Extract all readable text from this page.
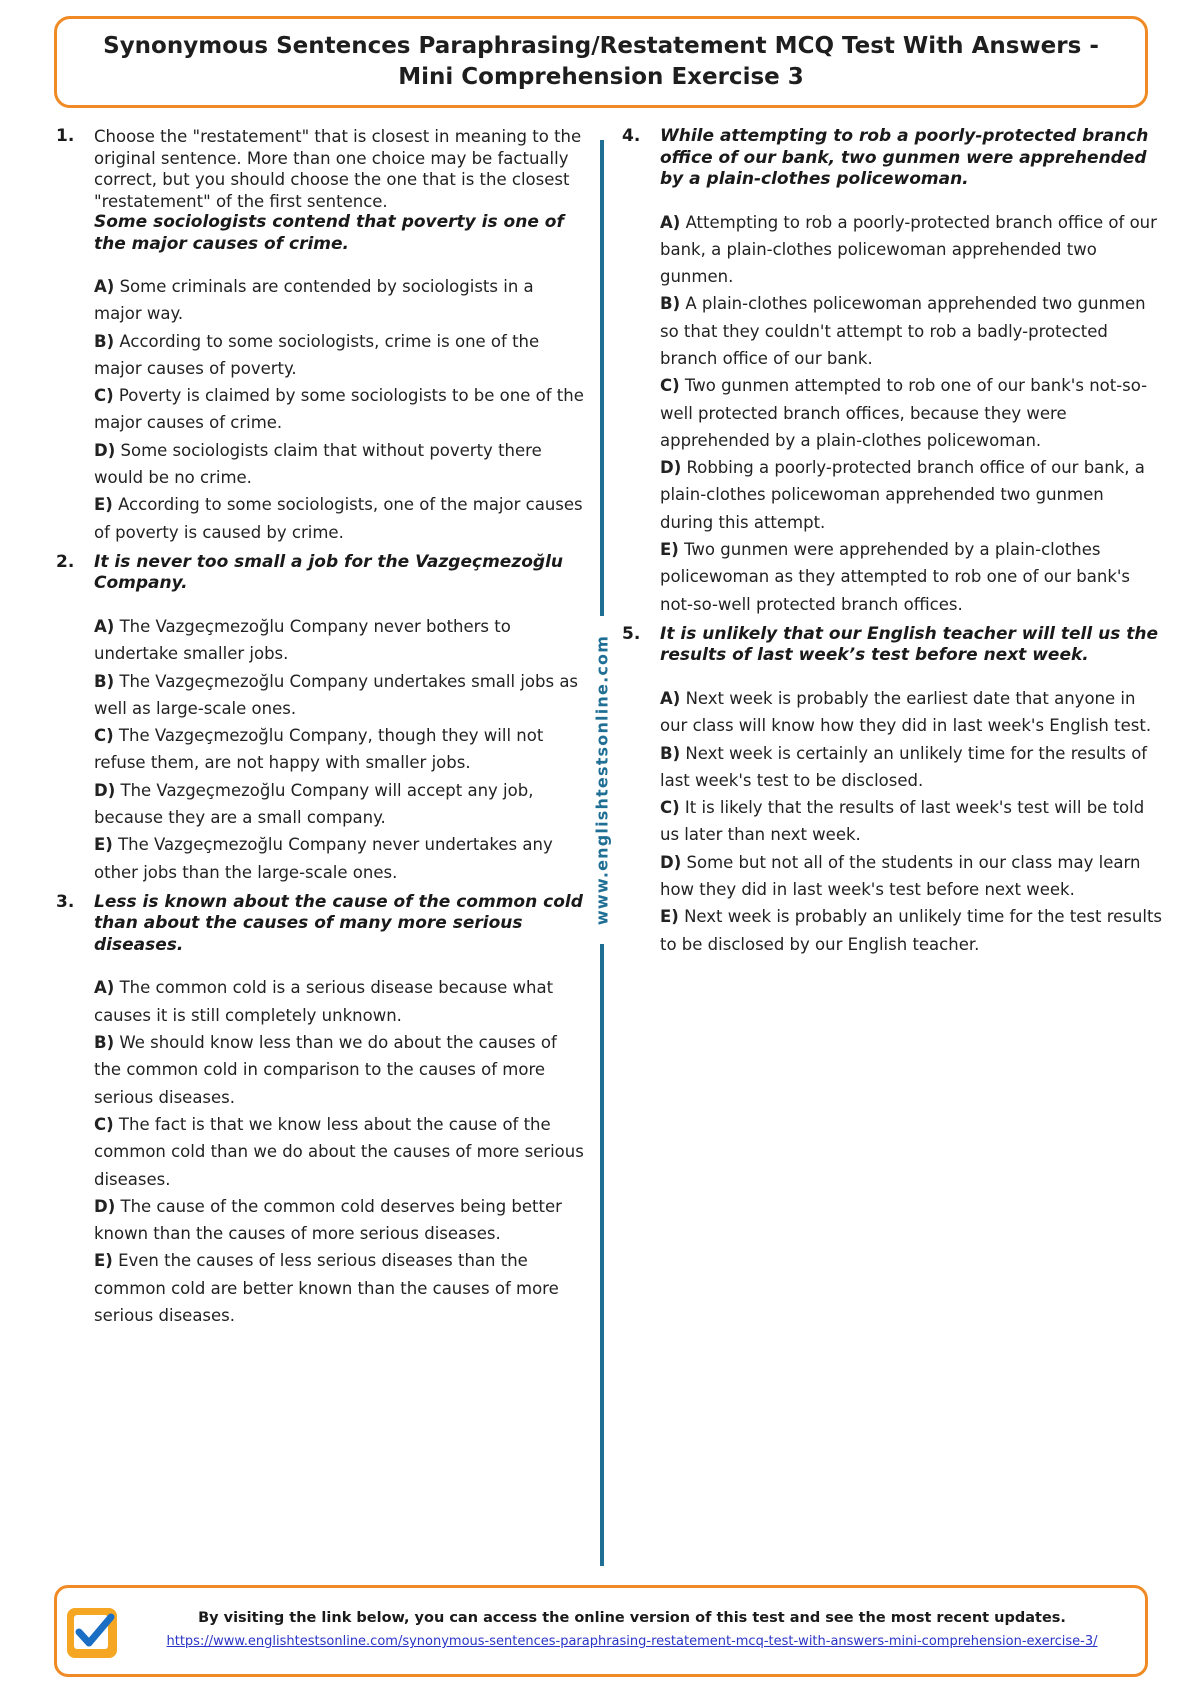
Synonymous Sentences Paraphrasing/Restatement MCQ Test With Answers -
Mini Comprehension Exercise 3
1. Choose the "restatement" that is closest in meaning to the original sentence. More than one choice may be factually correct, but you should choose the one that is the closest "restatement" of the first sentence.
Some sociologists contend that poverty is one of the major causes of crime.
A) Some criminals are contended by sociologists in a major way.
B) According to some sociologists, crime is one of the major causes of poverty.
C) Poverty is claimed by some sociologists to be one of the major causes of crime.
D) Some sociologists claim that without poverty there would be no crime.
E) According to some sociologists, one of the major causes of poverty is caused by crime.
2. It is never too small a job for the Vazgeçmezoğlu Company.
A) The Vazgeçmezoğlu Company never bothers to undertake smaller jobs.
B) The Vazgeçmezoğlu Company undertakes small jobs as well as large-scale ones.
C) The Vazgeçmezoğlu Company, though they will not refuse them, are not happy with smaller jobs.
D) The Vazgeçmezoğlu Company will accept any job, because they are a small company.
E) The Vazgeçmezoğlu Company never undertakes any other jobs than the large-scale ones.
3. Less is known about the cause of the common cold than about the causes of many more serious diseases.
A) The common cold is a serious disease because what causes it is still completely unknown.
B) We should know less than we do about the causes of the common cold in comparison to the causes of more serious diseases.
C) The fact is that we know less about the cause of the common cold than we do about the causes of more serious diseases.
D) The cause of the common cold deserves being better known than the causes of more serious diseases.
E) Even the causes of less serious diseases than the common cold are better known than the causes of more serious diseases.
4. While attempting to rob a poorly-protected branch office of our bank, two gunmen were apprehended by a plain-clothes policewoman.
A) Attempting to rob a poorly-protected branch office of our bank, a plain-clothes policewoman apprehended two gunmen.
B) A plain-clothes policewoman apprehended two gunmen so that they couldn't attempt to rob a badly-protected branch office of our bank.
C) Two gunmen attempted to rob one of our bank's not-so-well protected branch offices, because they were apprehended by a plain-clothes policewoman.
D) Robbing a poorly-protected branch office of our bank, a plain-clothes policewoman apprehended two gunmen during this attempt.
E) Two gunmen were apprehended by a plain-clothes policewoman as they attempted to rob one of our bank's not-so-well protected branch offices.
5. It is unlikely that our English teacher will tell us the results of last week’s test before next week.
A) Next week is probably the earliest date that anyone in our class will know how they did in last week's English test.
B) Next week is certainly an unlikely time for the results of last week's test to be disclosed.
C) It is likely that the results of last week's test will be told us later than next week.
D) Some but not all of the students in our class may learn how they did in last week's test before next week.
E) Next week is probably an unlikely time for the test results to be disclosed by our English teacher.
www.englishtestsonline.com
By visiting the link below, you can access the online version of this test and see the most recent updates.
https://www.englishtestsonline.com/synonymous-sentences-paraphrasing-restatement-mcq-test-with-answers-mini-comprehension-exercise-3/
